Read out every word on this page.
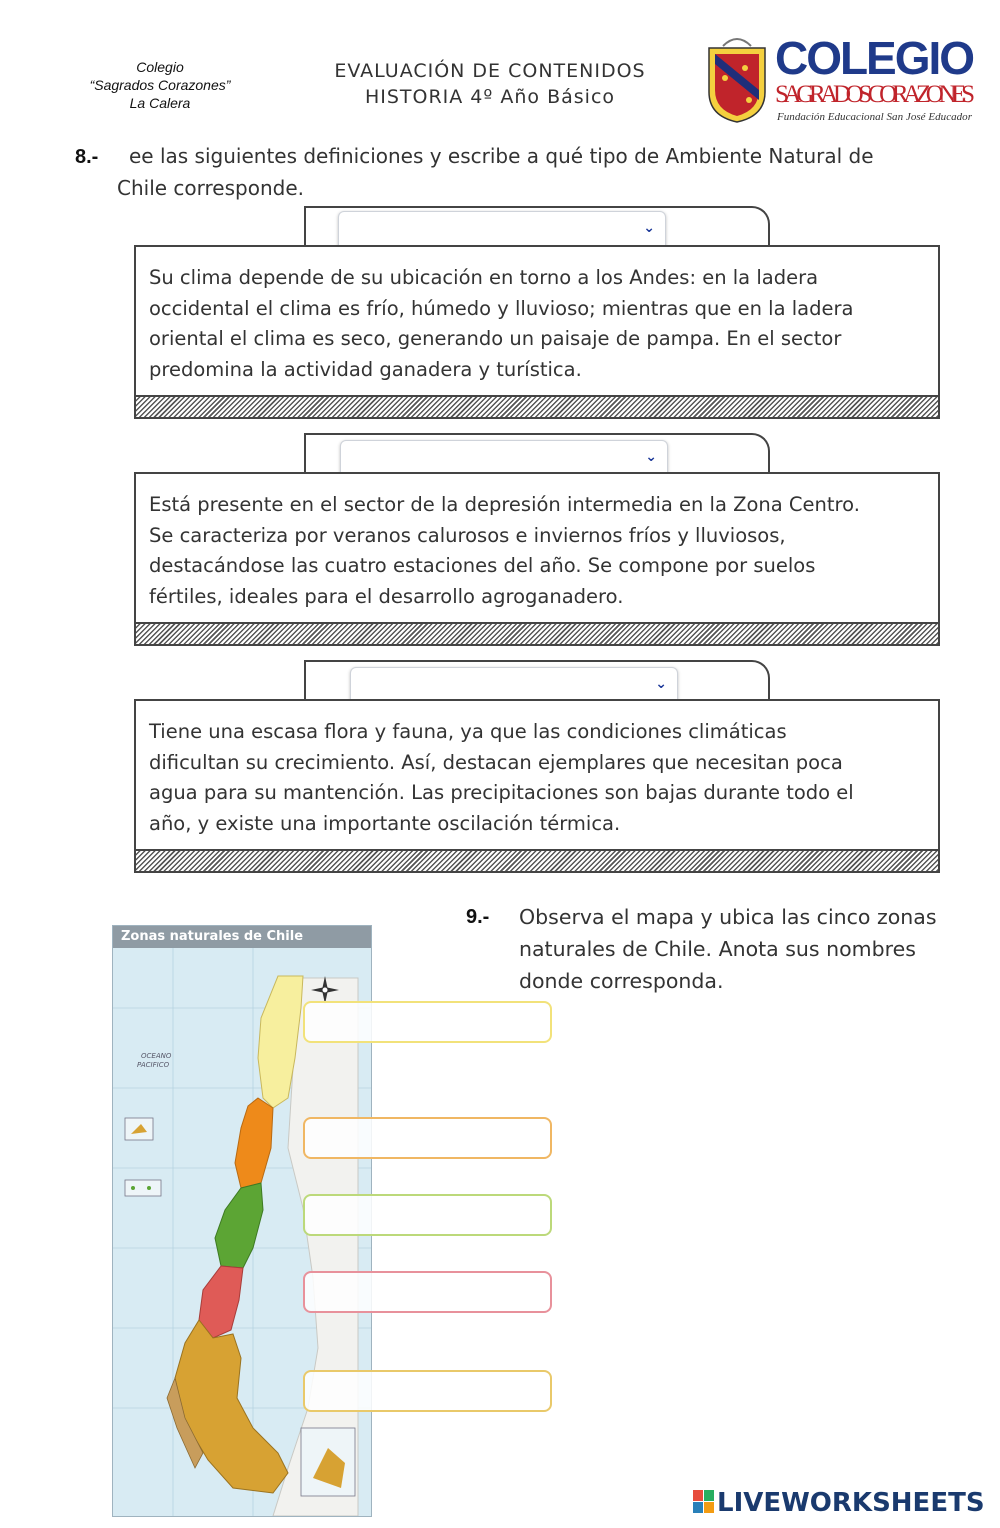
Colegio
“Sagrados Corazones”
La Calera
EVALUACIÓN DE CONTENIDOS
HISTORIA 4º Año Básico
COLEGIO
SAGRADOS CORAZONES
Fundación Educacional San José Educador
8.-	ee las siguientes definiciones y escribe a qué tipo de Ambiente Natural de
Chile corresponde.
⌄

Su clima depende de su ubicación en torno a los Andes: en la ladera
occidental el clima es frío, húmedo y lluvioso; mientras que en la ladera
oriental el clima es seco, generando un paisaje de pampa. En el sector
predomina la actividad ganadera y turística.

⌄

Está presente en el sector de la depresión intermedia en la Zona Centro.
Se caracteriza por veranos calurosos e inviernos fríos y lluviosos,
destacándose las cuatro estaciones del año. Se compone por suelos
fértiles, ideales para el desarrollo agroganadero.

⌄

Tiene una escasa flora y fauna, ya que las condiciones climáticas
dificultan su crecimiento. Así, destacan ejemplares que necesitan poca
agua para su mantención. Las precipitaciones son bajas durante todo el
año, y existe una importante oscilación térmica.

9.- Observa el mapa y ubica las cinco zonas
naturales de Chile. Anota sus nombres
donde corresponda.
Zonas naturales de Chile
OCEANO
PACIFICO
LIVEWORKSHEETS
